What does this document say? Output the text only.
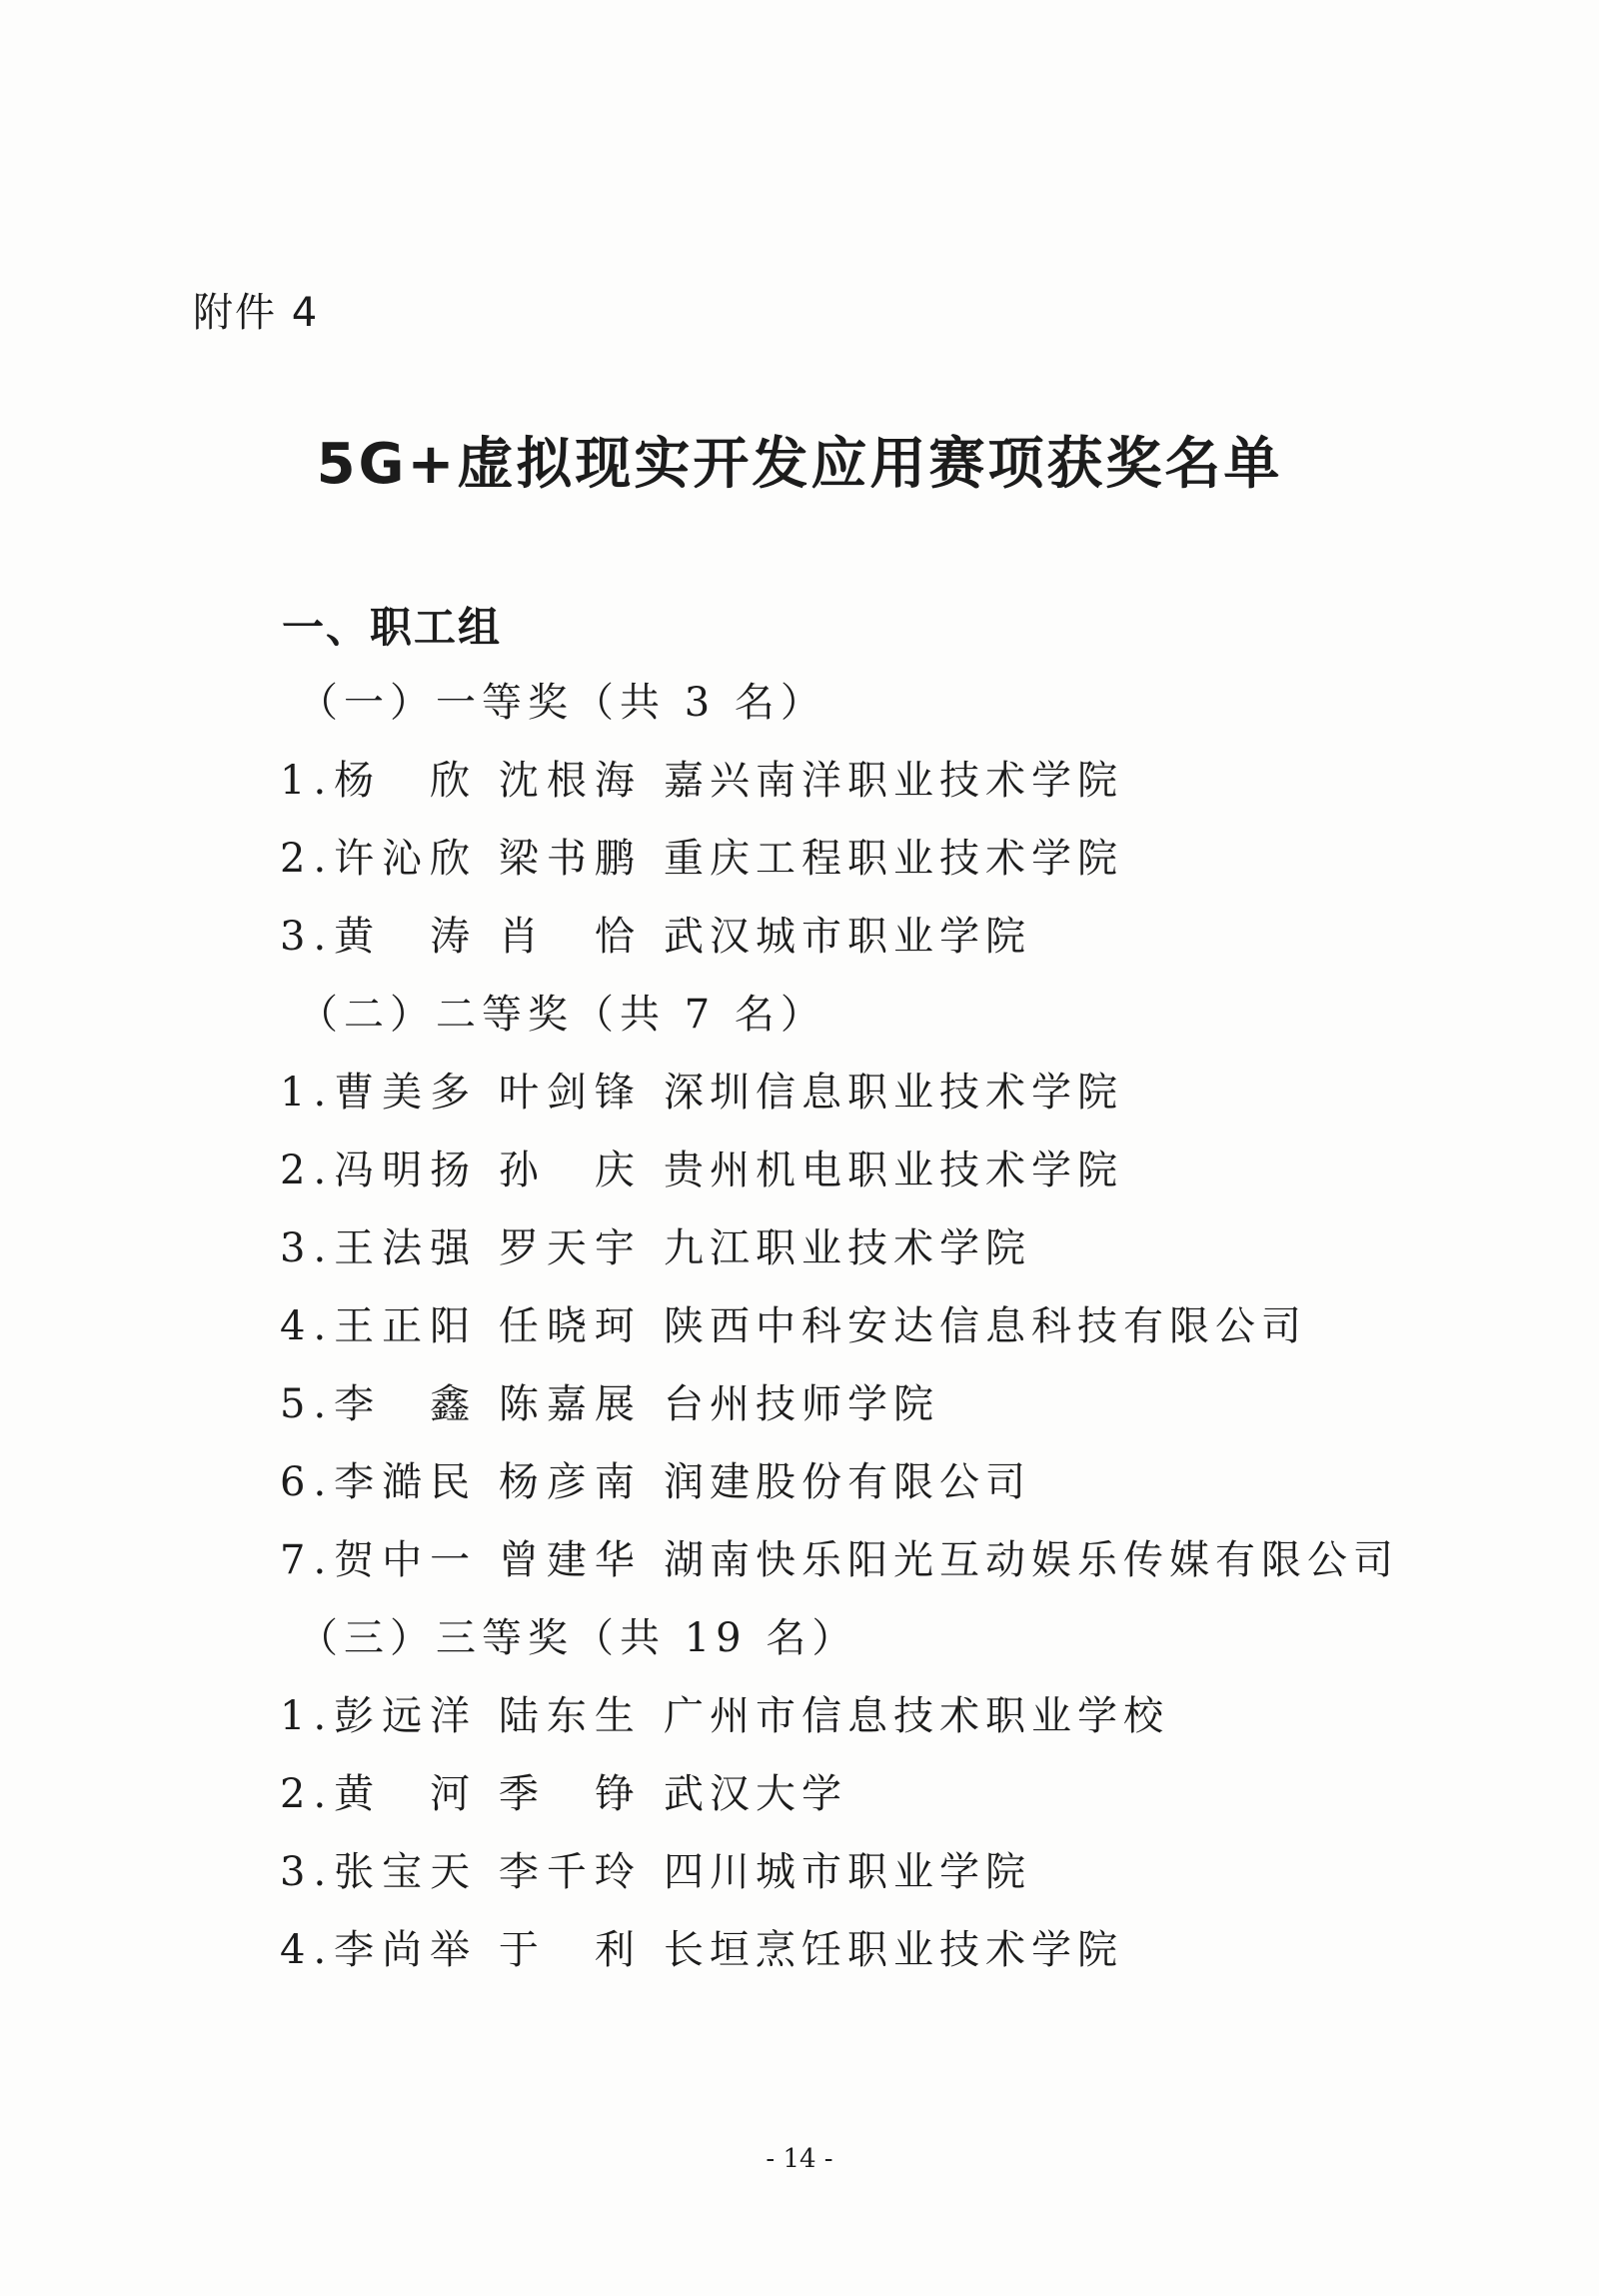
附件 4
5G+虚拟现实开发应用赛项获奖名单
一、职工组
（一）一等奖（共 3 名）
1.杨　欣 沈根海 嘉兴南洋职业技术学院
2.许沁欣 梁书鹏 重庆工程职业技术学院
3.黄　涛 肖　恰 武汉城市职业学院
（二）二等奖（共 7 名）
1.曹美多 叶剑锋 深圳信息职业技术学院
2.冯明扬 孙　庆 贵州机电职业技术学院
3.王法强 罗天宇 九江职业技术学院
4.王正阳 任晓珂 陕西中科安达信息科技有限公司
5.李　鑫 陈嘉展 台州技师学院
6.李澔民 杨彦南 润建股份有限公司
7.贺中一 曾建华 湖南快乐阳光互动娱乐传媒有限公司
（三）三等奖（共 19 名）
1.彭远洋 陆东生 广州市信息技术职业学校
2.黄　河 季　铮 武汉大学
3.张宝天 李千玲 四川城市职业学院
4.李尚举 于　利 长垣烹饪职业技术学院
- 14 -
